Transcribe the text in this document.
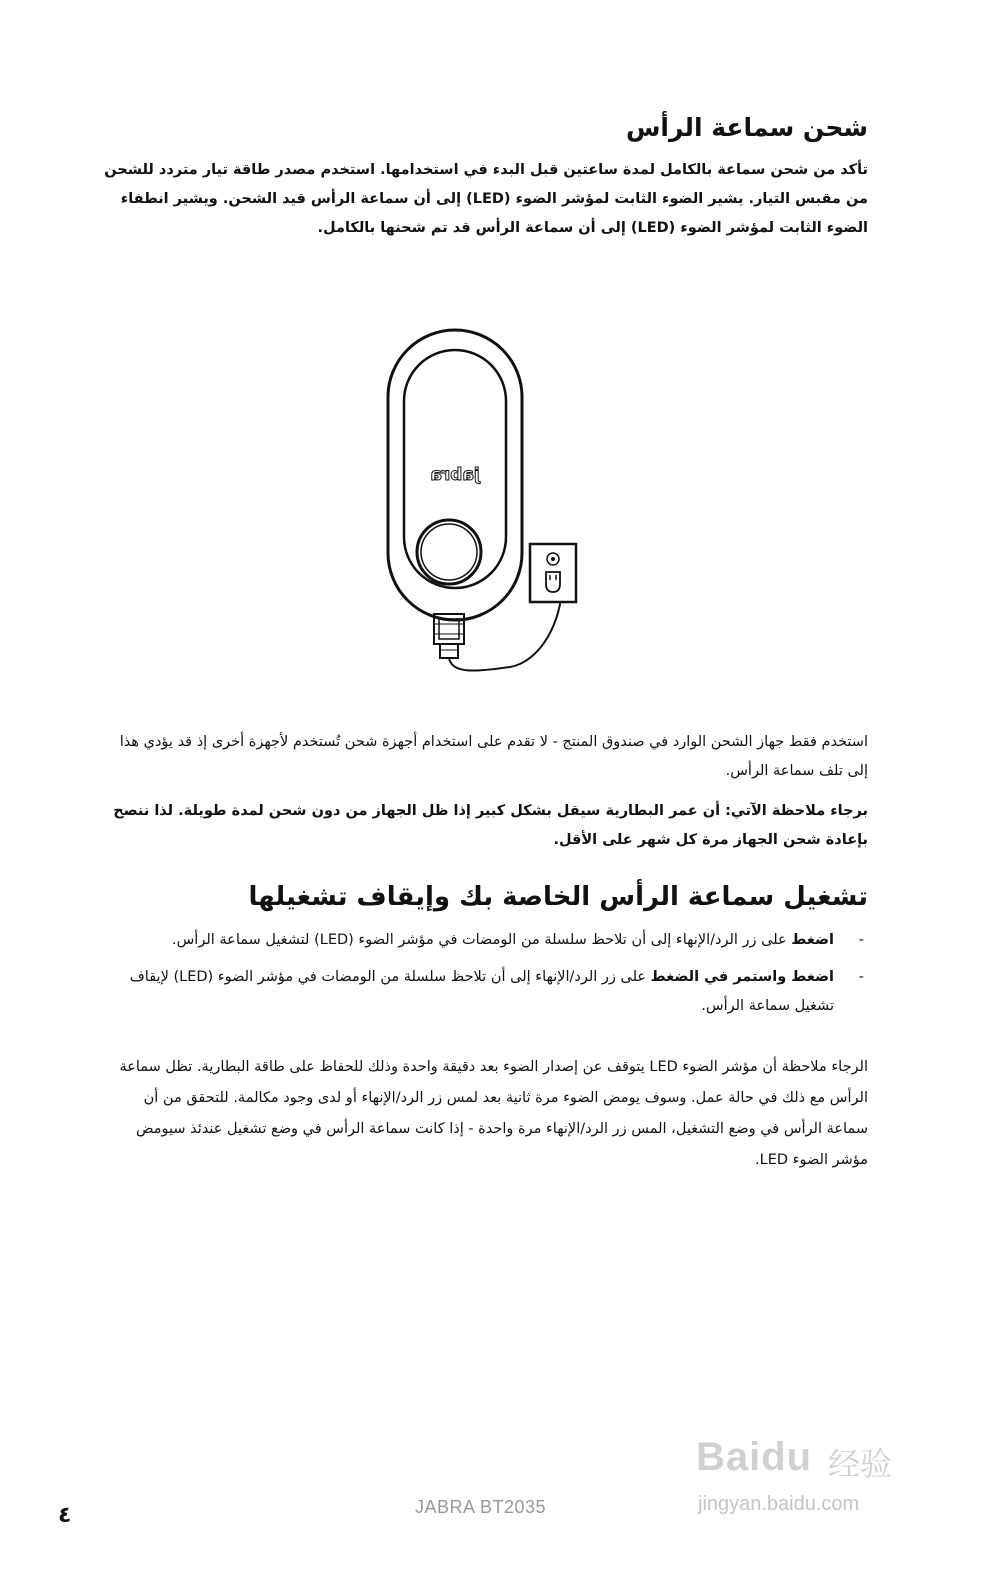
شحن سماعة الرأس

تأكد من شحن سماعة بالكامل لمدة ساعتين قبل البدء في استخدامها. استخدم مصدر طاقة تيار متردد للشحن من مقبس التيار. يشير الضوء الثابت لمؤشر الضوء (LED) إلى أن سماعة الرأس قيد الشحن. ويشير انطفاء الضوء الثابت لمؤشر الضوء (LED) إلى أن سماعة الرأس قد تم شحنها بالكامل.

jabra

استخدم فقط جهاز الشحن الوارد في صندوق المنتج - لا تقدم على استخدام أجهزة شحن تُستخدم لأجهزة أخرى إذ قد يؤدي هذا إلى تلف سماعة الرأس.

برجاء ملاحظة الآتي: أن عمر البطارية سيقل بشكل كبير إذا ظل الجهاز من دون شحن لمدة طويلة. لذا ننصح بإعادة شحن الجهاز مرة كل شهر على الأقل.

تشغيل سماعة الرأس الخاصة بك وإيقاف تشغيلها
-
اضغط على زر الرد/الإنهاء إلى أن تلاحظ سلسلة من الومضات في مؤشر الضوء (LED) لتشغيل سماعة الرأس.
-
اضغط واستمر في الضغط على زر الرد/الإنهاء إلى أن تلاحظ سلسلة من الومضات في مؤشر الضوء (LED) لإيقاف تشغيل سماعة الرأس.

الرجاء ملاحظة أن مؤشر الضوء LED يتوقف عن إصدار الضوء بعد دقيقة واحدة وذلك للحفاظ على طاقة البطارية. تظل سماعة الرأس مع ذلك في حالة عمل. وسوف يومض الضوء مرة ثانية بعد لمس زر الرد/الإنهاء أو لدى وجود مكالمة. للتحقق من أن سماعة الرأس في وضع التشغيل، المس زر الرد/الإنهاء مرة واحدة - إذا كانت سماعة الرأس في وضع تشغيل عندئذ سيومض مؤشر الضوء LED.

٤	JABRA BT2035
Baidu 经验
jingyan.baidu.com
